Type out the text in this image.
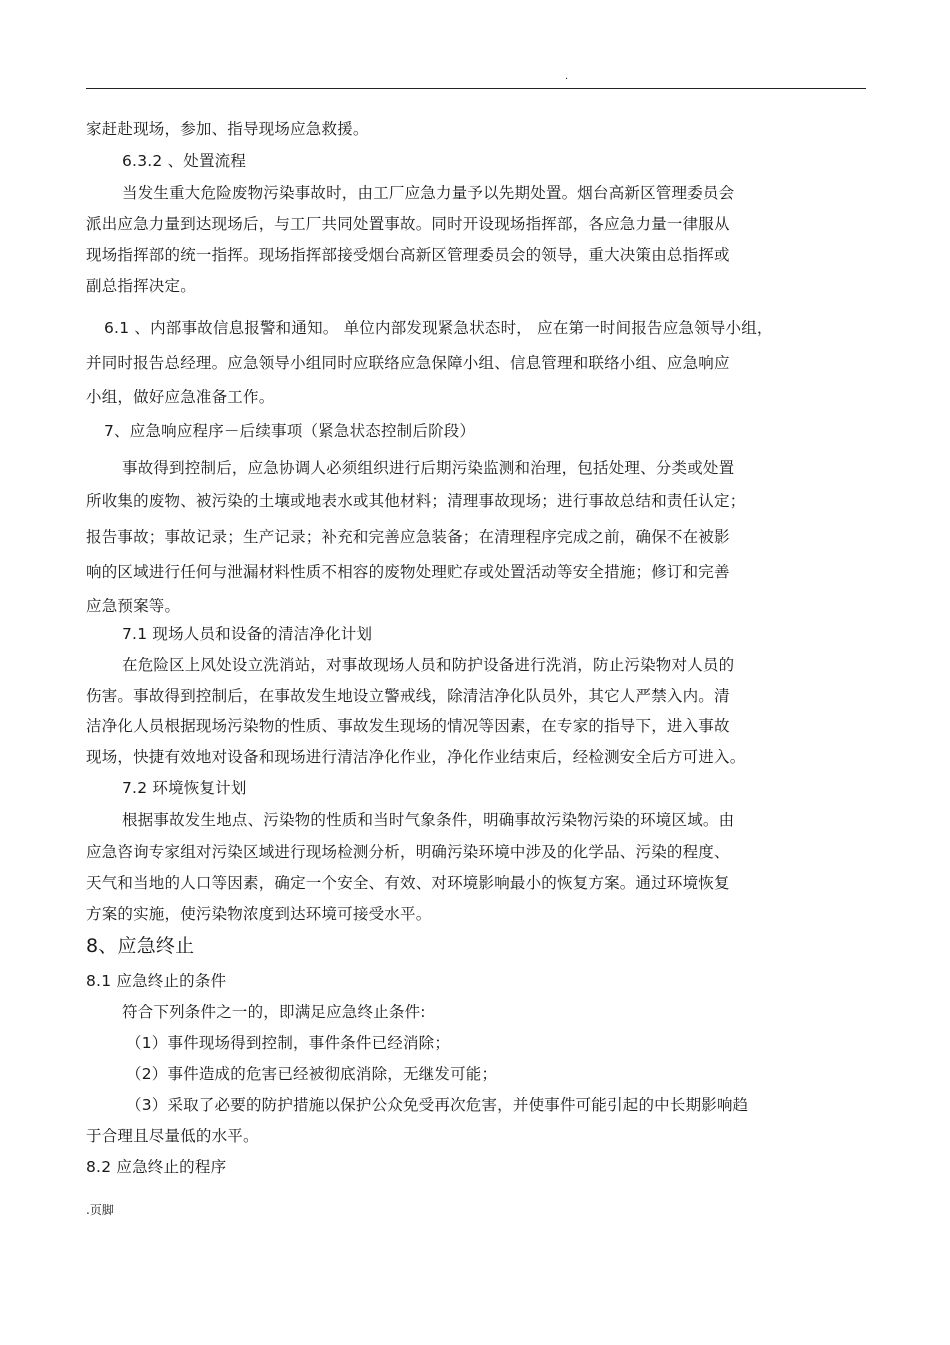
.
家赶赴现场，参加、指导现场应急救援。
6.3.2 、处置流程
当发生重大危险废物污染事故时，由工厂应急力量予以先期处置。烟台高新区管理委员会
派出应急力量到达现场后，与工厂共同处置事故。同时开设现场指挥部，各应急力量一律服从
现场指挥部的统一指挥。现场指挥部接受烟台高新区管理委员会的领导，重大决策由总指挥或
副总指挥决定。
6.1 、内部事故信息报警和通知。 单位内部发现紧急状态时， 应在第一时间报告应急领导小组，
并同时报告总经理。应急领导小组同时应联络应急保障小组、信息管理和联络小组、应急响应
小组，做好应急准备工作。
7、应急响应程序－后续事项（紧急状态控制后阶段）
事故得到控制后，应急协调人必须组织进行后期污染监测和治理，包括处理、分类或处置
所收集的废物、被污染的土壤或地表水或其他材料；清理事故现场；进行事故总结和责任认定；
报告事故；事故记录；生产记录；补充和完善应急装备；在清理程序完成之前，确保不在被影
响的区域进行任何与泄漏材料性质不相容的废物处理贮存或处置活动等安全措施；修订和完善
应急预案等。
7.1 现场人员和设备的清洁净化计划
在危险区上风处设立洗消站，对事故现场人员和防护设备进行洗消，防止污染物对人员的
伤害。事故得到控制后，在事故发生地设立警戒线，除清洁净化队员外，其它人严禁入内。清
洁净化人员根据现场污染物的性质、事故发生现场的情况等因素，在专家的指导下，进入事故
现场，快捷有效地对设备和现场进行清洁净化作业，净化作业结束后，经检测安全后方可进入。
7.2 环境恢复计划
根据事故发生地点、污染物的性质和当时气象条件，明确事故污染物污染的环境区域。由
应急咨询专家组对污染区域进行现场检测分析，明确污染环境中涉及的化学品、污染的程度、
天气和当地的人口等因素，确定一个安全、有效、对环境影响最小的恢复方案。通过环境恢复
方案的实施，使污染物浓度到达环境可接受水平。
8、应急终止
8.1 应急终止的条件
符合下列条件之一的，即满足应急终止条件:
（1）事件现场得到控制，事件条件已经消除；
（2）事件造成的危害已经被彻底消除，无继发可能；
（3）采取了必要的防护措施以保护公众免受再次危害，并使事件可能引起的中长期影响趋
于合理且尽量低的水平。
8.2 应急终止的程序
.页脚
